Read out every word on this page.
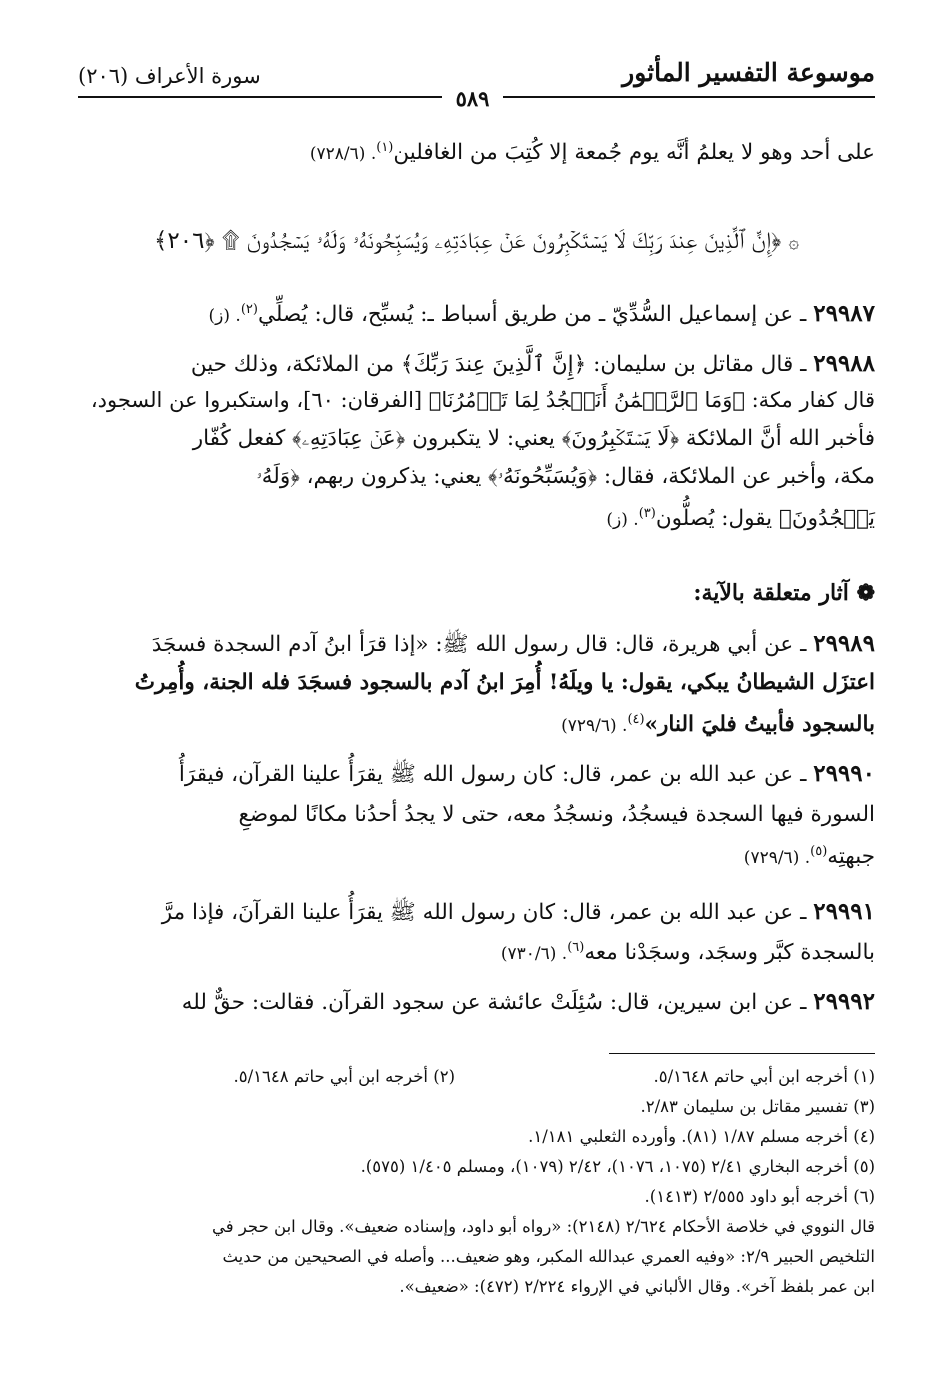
موسوعة التفسير المأثور
سورة الأعراف (٢٠٦)
٥٨٩
على أحد وهو لا يعلمُ أنَّه يوم جُمعة إلا كُتِبَ من الغافلين$^{(١)}$. (٧٢٨/٦)
۞ ﴿إِنَّ ٱلَّذِينَ عِندَ رَبِّكَ لَا يَسۡتَكۡبِرُونَ عَنۡ عِبَادَتِهِۦ وَيُسَبِّحُونَهُۥ وَلَهُۥ يَسۡجُدُونَ ۩ ﴿٢٠٦﴾
٢٩٩٨٧ ـ عن إسماعيل السُّدِّيّ ـ من طريق أسباط ـ: يُسبِّح، قال: يُصلِّي$^{(٢)}$. (ز)
٢٩٩٨٨ ـ قال مقاتل بن سليمان: ﴿إِنَّ ٱلَّذِينَ عِندَ رَبِّكَ﴾ من الملائكة، وذلك حين
قال كفار مكة: ﴿وَمَا ٱلرَّحۡمَٰنُ أَنَسۡجُدُ لِمَا تَأۡمُرُنَا﴾ [الفرقان: ٦٠]، واستكبروا عن السجود،
فأخبر الله أنَّ الملائكة ﴿لَا يَسۡتَكۡبِرُونَ﴾ يعني: لا يتكبرون ﴿عَنۡ عِبَادَتِهِۦ﴾ كفعل كُفّار
مكة، وأخبر عن الملائكة، فقال: ﴿وَيُسَبِّحُونَهُۥ﴾ يعني: يذكرون ربهم، ﴿وَلَهُۥ
يَسۡجُدُونَ﴾ يقول: يُصلُّون$^{(٣)}$. (ز)
❁ آثار متعلقة بالآية:
٢٩٩٨٩ ـ عن أبي هريرة، قال: قال رسول الله ﷺ: «إذا قرَأ ابنُ آدم السجدة فسجَدَ
اعتزَل الشيطانُ يبكي، يقول: يا ويلَهُ! أُمِرَ ابنُ آدم بالسجود فسجَدَ فله الجنة، وأُمِرتُ
بالسجود فأبيتُ فليَ النار»$^{(٤)}$. (٧٢٩/٦)
٢٩٩٩٠ ـ عن عبد الله بن عمر، قال: كان رسول الله ﷺ يقرَأُ علينا القرآن، فيقرَأُ
السورة فيها السجدة فيسجُدُ، ونسجُدُ معه، حتى لا يجدُ أحدُنا مكانًا لموضعِ
جبهتِه$^{(٥)}$. (٧٢٩/٦)
٢٩٩٩١ ـ عن عبد الله بن عمر، قال: كان رسول الله ﷺ يقرَأُ علينا القرآنَ، فإذا مرَّ
بالسجدة كبَّر وسجَد، وسجَدْنا معه$^{(٦)}$. (٧٣٠/٦)
٢٩٩٩٢ ـ عن ابن سيرين، قال: سُئِلَتْ عائشة عن سجود القرآن. فقالت: حقٌّ لله
(١) أخرجه ابن أبي حاتم ٥/١٦٤٨.
(٢) أخرجه ابن أبي حاتم ٥/١٦٤٨.
(٣) تفسير مقاتل بن سليمان ٢/٨٣.
(٤) أخرجه مسلم ١/٨٧ (٨١). وأورده الثعلبي ١/١٨١.
(٥) أخرجه البخاري ٢/٤١ (١٠٧٥، ١٠٧٦)، ٢/٤٢ (١٠٧٩)، ومسلم ١/٤٠٥ (٥٧٥).
(٦) أخرجه أبو داود ٢/٥٥٥ (١٤١٣).
قال النووي في خلاصة الأحكام ٢/٦٢٤ (٢١٤٨): «رواه أبو داود، وإسناده ضعيف». وقال ابن حجر في
التلخيص الحبير ٢/٩: «وفيه العمري عبدالله المكبر، وهو ضعيف... وأصله في الصحيحين من حديث
ابن عمر بلفظ آخر». وقال الألباني في الإرواء ٢/٢٢٤ (٤٧٢): «ضعيف».
